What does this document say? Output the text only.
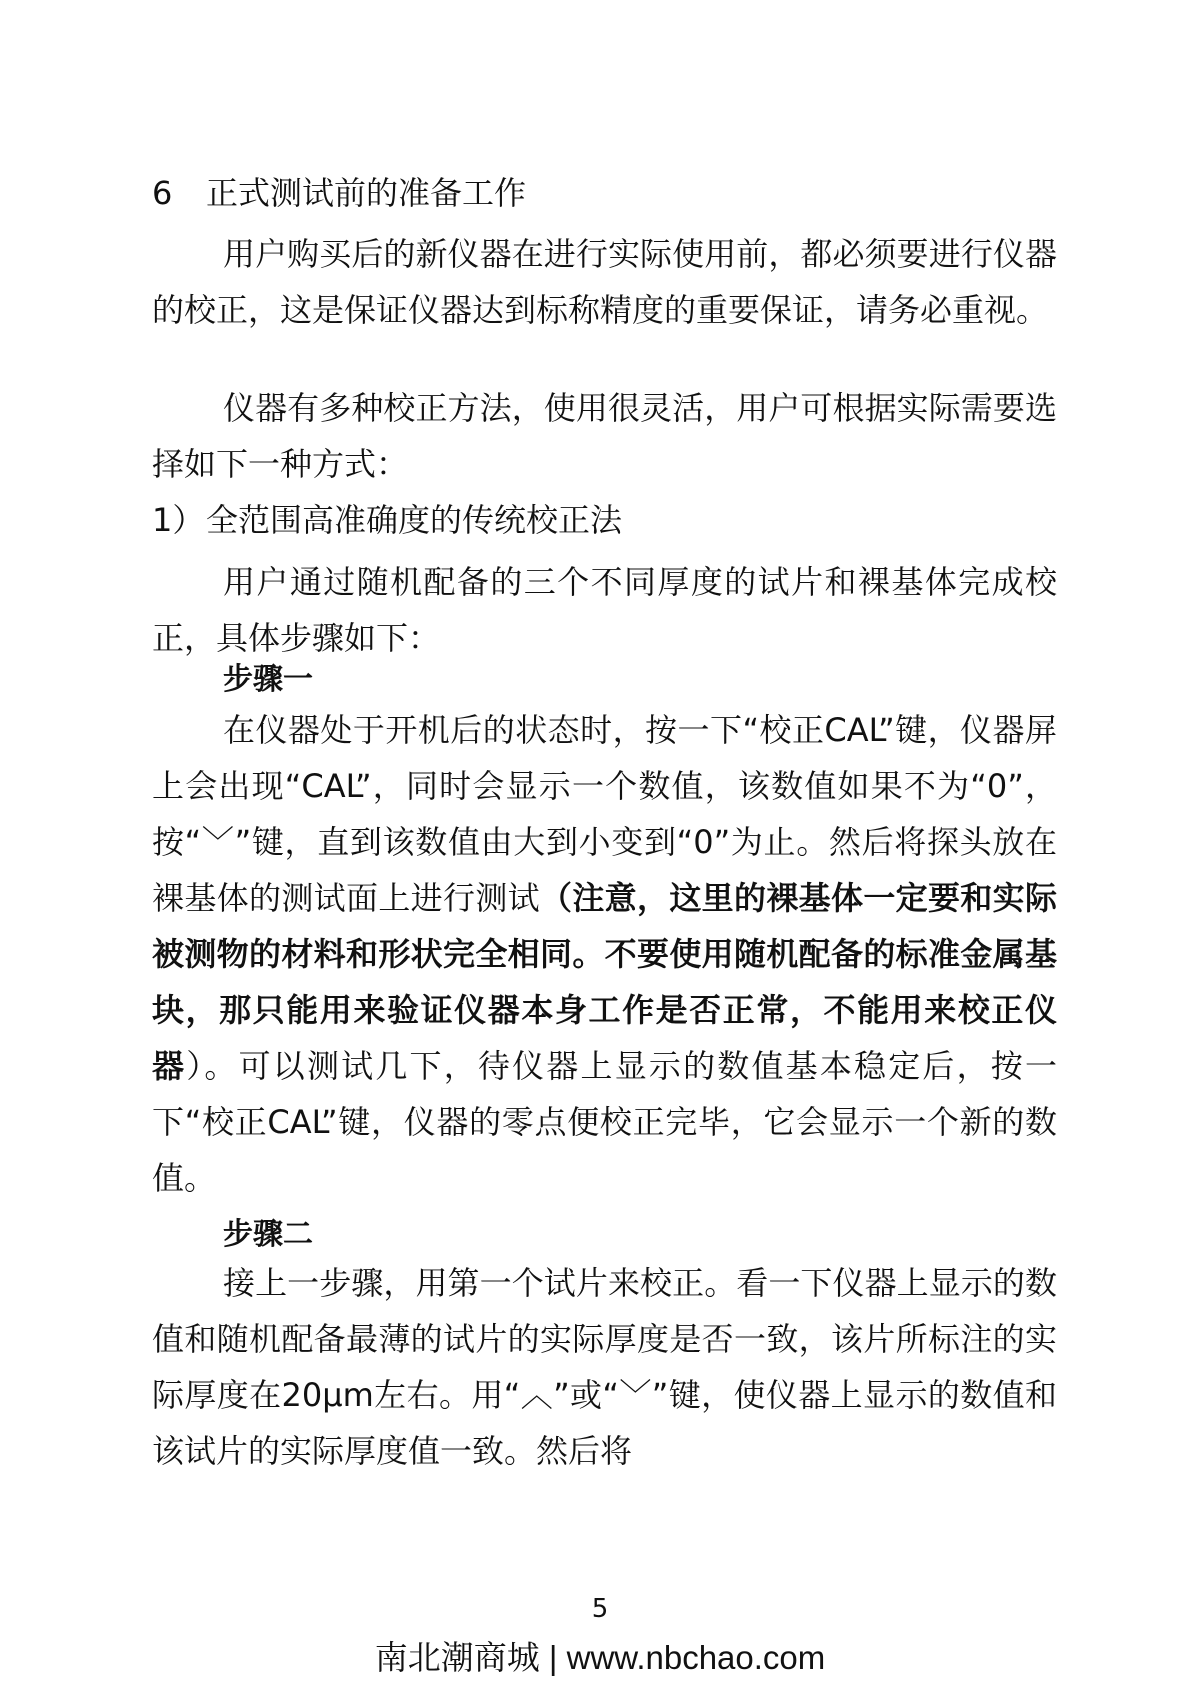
6 正式测试前的准备工作

用户购买后的新仪器在进行实际使用前，都必须要进行仪器的校正，这是保证仪器达到标称精度的重要保证，请务必重视。

仪器有多种校正方法，使用很灵活，用户可根据实际需要选择如下一种方式：

1）全范围高准确度的传统校正法

用户通过随机配备的三个不同厚度的试片和裸基体完成校正，具体步骤如下：

步骤一

在仪器处于开机后的状态时，按一下“校正CAL”键，仪器屏上会出现“CAL”，同时会显示一个数值，该数值如果不为“0”，按“﹀”键，直到该数值由大到小变到“0”为止。然后将探头放在裸基体的测试面上进行测试（注意，这里的裸基体一定要和实际被测物的材料和形状完全相同。不要使用随机配备的标准金属基块，那只能用来验证仪器本身工作是否正常，不能用来校正仪器）。可以测试几下，待仪器上显示的数值基本稳定后，按一下“校正CAL”键，仪器的零点便校正完毕，它会显示一个新的数值。

步骤二

接上一步骤，用第一个试片来校正。看一下仪器上显示的数值和随机配备最薄的试片的实际厚度是否一致，该片所标注的实际厚度在20μm左右。用“︿”或“﹀”键，使仪器上显示的数值和该试片的实际厚度值一致。然后将

5
南北潮商城 | www.nbchao.com
